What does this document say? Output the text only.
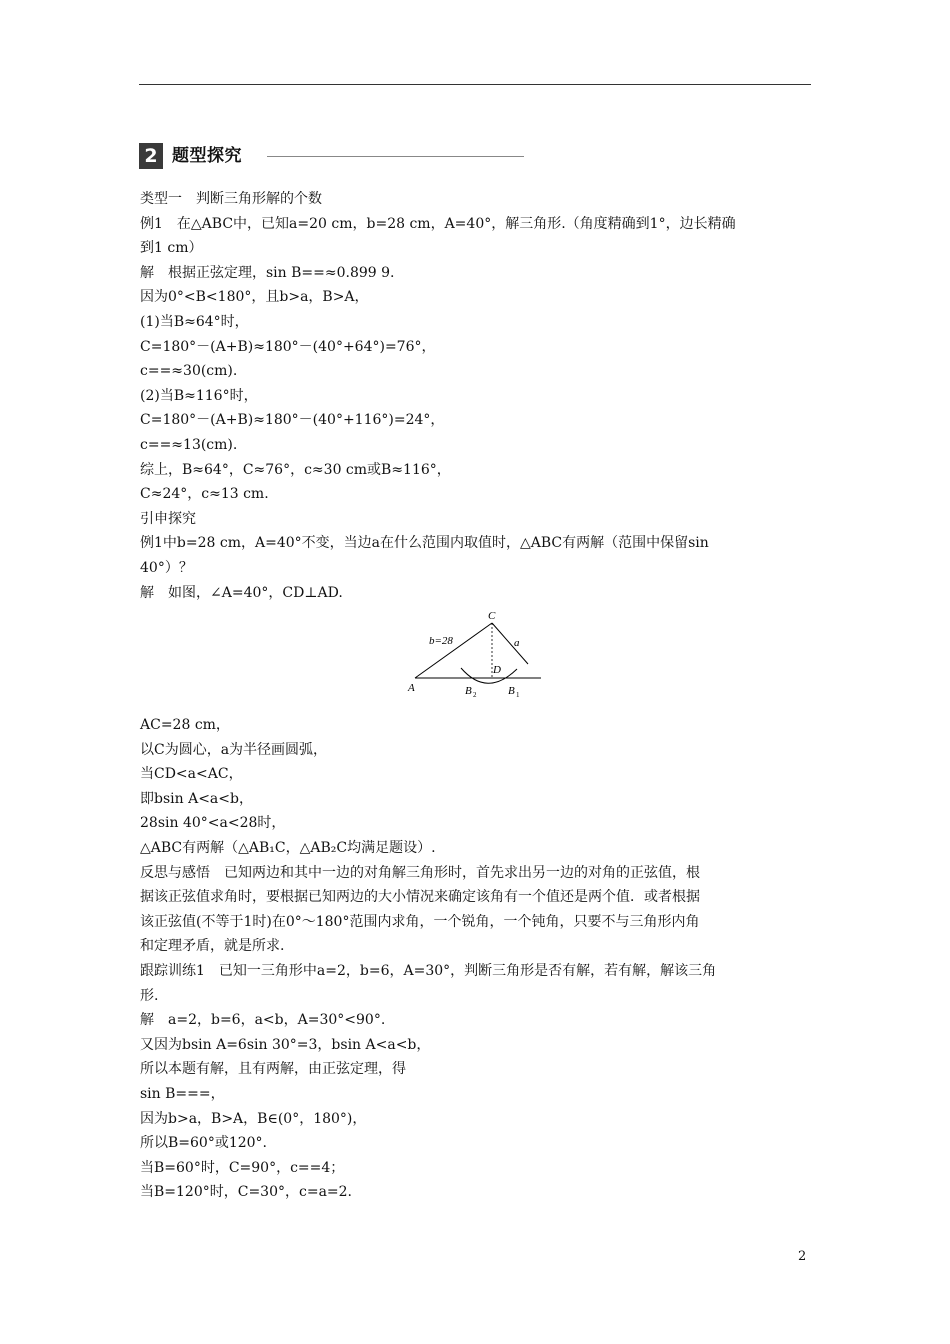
2 题型探究
类型一　判断三角形解的个数
例1　在△ABC中，已知a=20 cm，b=28 cm，A=40°，解三角形.（角度精确到1°，边长精确
到1 cm）
解　根据正弦定理，sin B==≈0.899 9.
因为0°<B<180°，且b>a，B>A，
(1)当B≈64°时，
C=180°－(A+B)≈180°－(40°+64°)=76°，
c==≈30(cm).
(2)当B≈116°时，
C=180°－(A+B)≈180°－(40°+116°)=24°，
c==≈13(cm).
综上，B≈64°，C≈76°，c≈30 cm或B≈116°，
C≈24°，c≈13 cm.
引申探究
例1中b=28 cm，A=40°不变，当边a在什么范围内取值时，△ABC有两解（范围中保留sin
40°）？
解　如图，∠A=40°，CD⊥AD.
C
b=28	a
D
A	B 2	B 1
AC=28 cm，
以C为圆心，a为半径画圆弧，
当CD<a<AC，
即bsin A<a<b，
28sin 40°<a<28时，
△ABC有两解（△AB₁C，△AB₂C均满足题设）.
反思与感悟　已知两边和其中一边的对角解三角形时，首先求出另一边的对角的正弦值，根
据该正弦值求角时，要根据已知两边的大小情况来确定该角有一个值还是两个值．或者根据
该正弦值(不等于1时)在0°～180°范围内求角，一个锐角，一个钝角，只要不与三角形内角
和定理矛盾，就是所求.
跟踪训练1　已知一三角形中a=2，b=6，A=30°，判断三角形是否有解，若有解，解该三角
形.
解　a=2，b=6，a<b，A=30°<90°.
又因为bsin A=6sin 30°=3，bsin A<a<b，
所以本题有解，且有两解，由正弦定理，得
sin B===，
因为b>a，B>A，B∈(0°，180°)，
所以B=60°或120°.
当B=60°时，C=90°，c==4；
当B=120°时，C=30°，c=a=2.
2
